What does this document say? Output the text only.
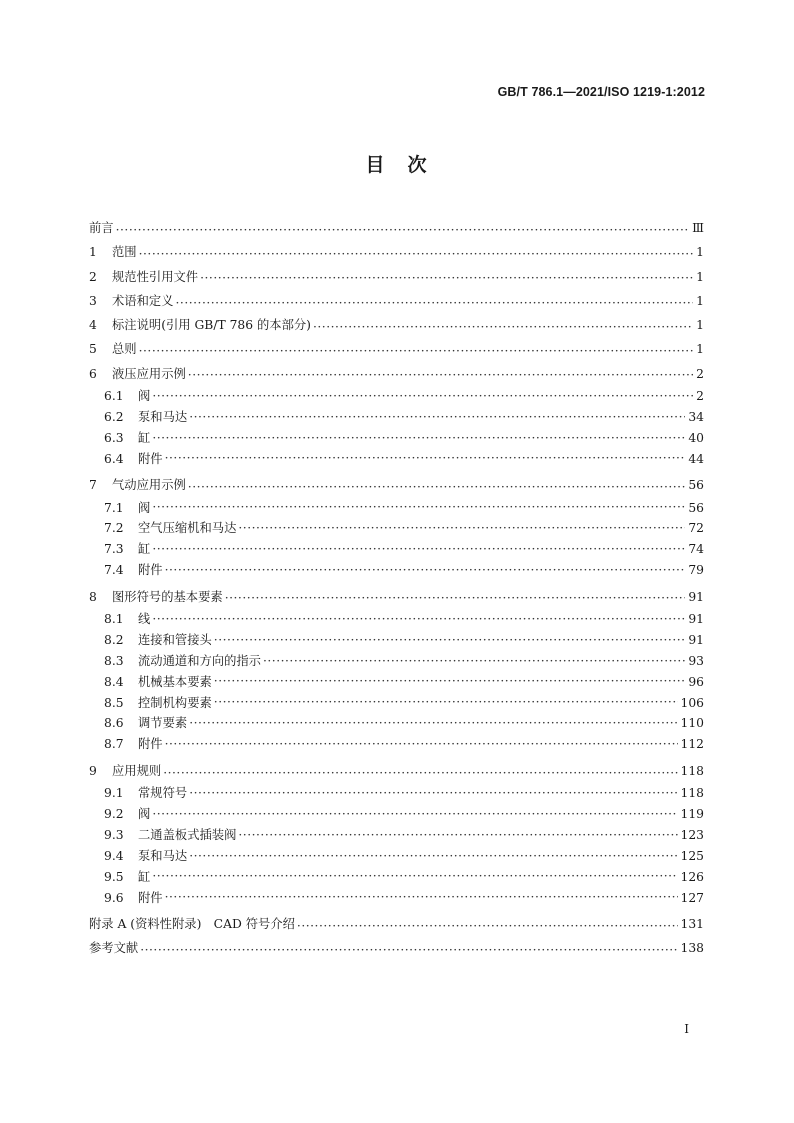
GB/T 786.1—2021/ISO 1219-1:2012
目　次
前言 ·····	Ⅲ
1	范围 ·····	1
2	规范性引用文件 ·····	1
3	术语和定义 ·····	1
4	标注说明(引用 GB/T 786 的本部分) ·····	1
5	总则 ·····	1
6	液压应用示例 ·····	2
6.1	阀 ·····	2
6.2	泵和马达 ·····	34
6.3	缸 ·····	40
6.4	附件 ·····	44
7	气动应用示例 ·····	56
7.1	阀 ·····	56
7.2	空气压缩机和马达 ·····	72
7.3	缸 ·····	74
7.4	附件 ·····	79
8	图形符号的基本要素 ·····	91
8.1	线 ·····	91
8.2	连接和管接头 ·····	91
8.3	流动通道和方向的指示 ·····	93
8.4	机械基本要素 ·····	96
8.5	控制机构要素 ·····	106
8.6	调节要素 ·····	110
8.7	附件 ·····	112
9	应用规则 ·····	118
9.1	常规符号 ·····	118
9.2	阀 ·····	119
9.3	二通盖板式插装阀 ·····	123
9.4	泵和马达 ·····	125
9.5	缸 ·····	126
9.6	附件 ·····	127
附录 A (资料性附录)　CAD 符号介绍 ·····	131
参考文献 ·····	138
I
